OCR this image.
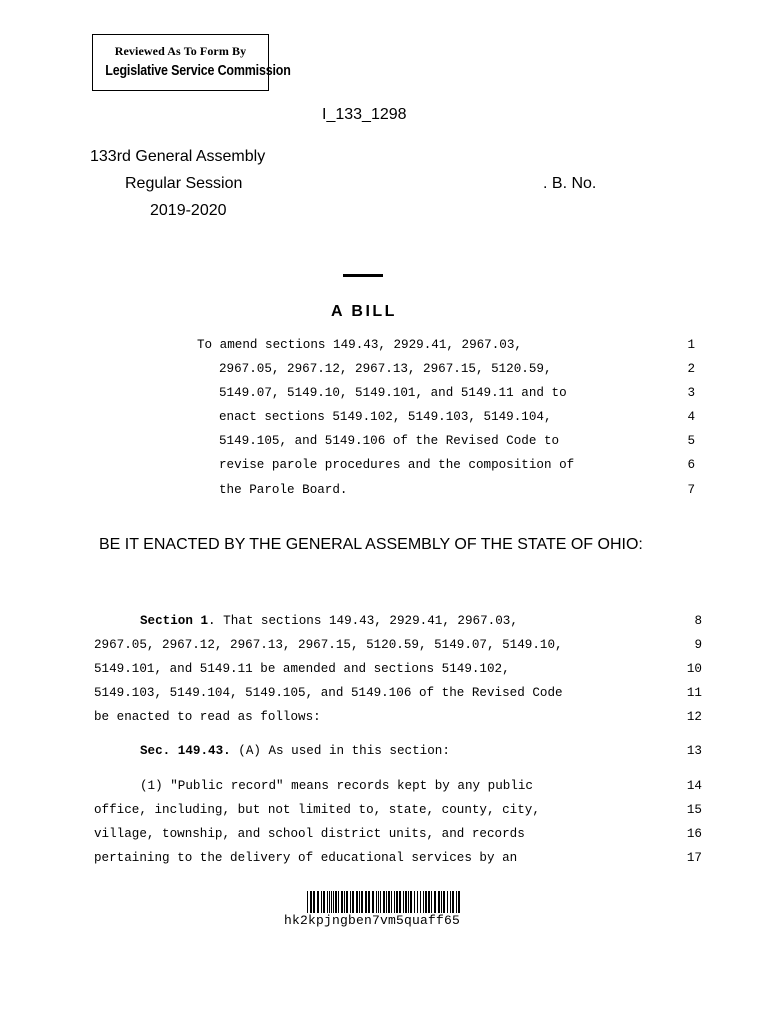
Reviewed As To Form By
Legislative Service Commission
I_133_1298
133rd General Assembly
Regular Session	. B. No.
2019-2020
A BILL
To amend sections 149.43, 2929.41, 2967.03,
2967.05, 2967.12, 2967.13, 2967.15, 5120.59,
5149.07, 5149.10, 5149.101, and 5149.11 and to
enact sections 5149.102, 5149.103, 5149.104,
5149.105, and 5149.106 of the Revised Code to
revise parole procedures and the composition of
the Parole Board.
1
2
3
4
5
6
7
BE IT ENACTED BY THE GENERAL ASSEMBLY OF THE STATE OF OHIO:
Section 1. That sections 149.43, 2929.41, 2967.03,
2967.05, 2967.12, 2967.13, 2967.15, 5120.59, 5149.07, 5149.10,
5149.101, and 5149.11 be amended and sections 5149.102,
5149.103, 5149.104, 5149.105, and 5149.106 of the Revised Code
be enacted to read as follows:
8
9
10
11
12
Sec. 149.43. (A) As used in this section:	13
(1) "Public record" means records kept by any public
office, including, but not limited to, state, county, city,
village, township, and school district units, and records
pertaining to the delivery of educational services by an
14
15
16
17
hk2kpjngben7vm5quaff65
